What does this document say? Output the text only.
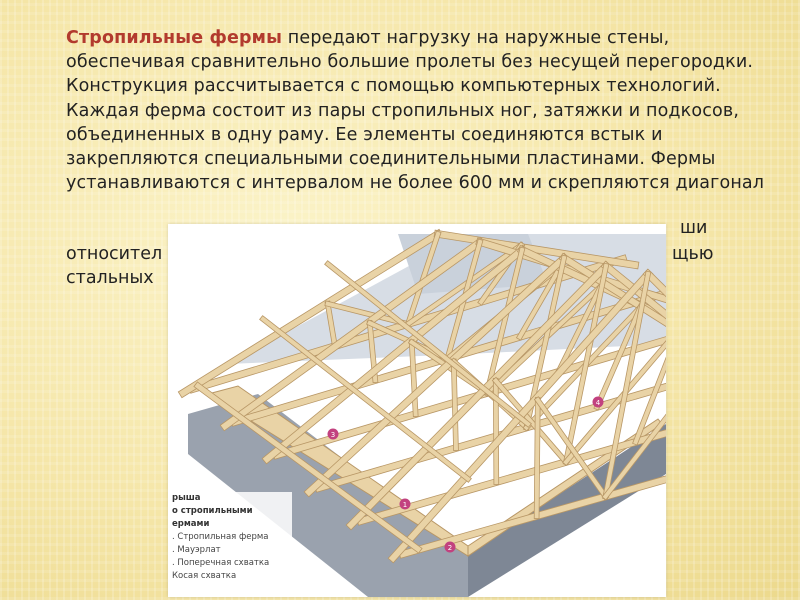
Стропильные фермы передают нагрузку на наружные стены, обеспечивая сравнительно большие пролеты без несущей перегородки. Конструкция рассчитывается с помощью компьютерных технологий. Каждая ферма состоит из пары стропильных ног, затяжки и подкосов, объединенных в одну раму. Ее элементы соединяются встык и закрепляются специальными соединительными пластинами. Фермы устанавливаются с интервалом не более 600 мм и скрепляются диагонал

ши
относител	щью
стальных
1
2
3
4
рыша
о стропильными
ермами
. Стропильная ферма
. Мауэрлат
. Поперечная схватка
Косая схватка
